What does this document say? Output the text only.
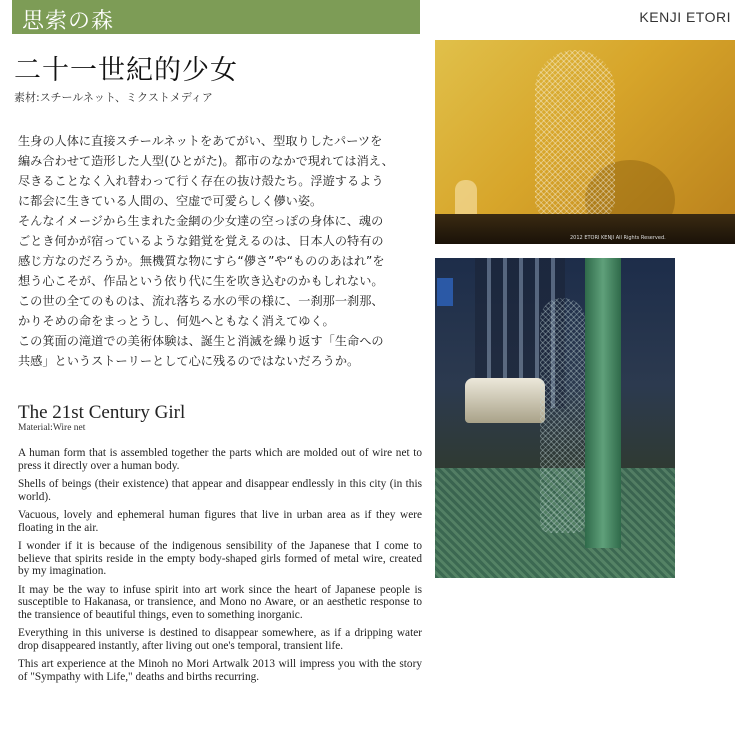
思索の森	KENJI ETORI
二十一世紀的少女
素材:スチールネット、ミクストメディア

生身の人体に直接スチールネットをあてがい、型取りしたパーツを

編み合わせて造形した人型(ひとがた)。都市のなかで現れては消え、

尽きることなく入れ替わって行く存在の抜け殻たち。浮遊するよう

に都会に生きている人間の、空虚で可愛らしく儚い姿。

そんなイメージから生まれた金網の少女達の空っぽの身体に、魂の

ごとき何かが宿っているような錯覚を覚えるのは、日本人の特有の

感じ方なのだろうか。無機質な物にすら“儚さ”や“もののあはれ”を

想う心こそが、作品という依り代に生を吹き込むのかもしれない。

この世の全てのものは、流れ落ちる水の雫の様に、一刹那一刹那、

かりそめの命をまっとうし、何処へともなく消えてゆく。

この箕面の滝道での美術体験は、誕生と消滅を繰り返す「生命への

共感」というストーリーとして心に残るのではないだろうか。

The 21st Century Girl
Material:Wire net

A human form that is assembled together the parts which are molded out of wire net to press it directly over a human body.

Shells of beings (their existence) that appear and disappear endlessly in this city (in this world).

Vacuous, lovely and ephemeral human figures that live in urban area as if they were floating in the air.

I wonder if it is because of the indigenous sensibility of the Japanese that I come to believe that spirits reside in the empty body-shaped girls formed of metal wire, created by my imagination.

It may be the way to infuse spirit into art work since the heart of Japanese people is susceptible to Hakanasa, or transience, and Mono no Aware, or an aesthetic response to the transience of beautiful things, even to something inorganic.

Everything in this universe is destined to disappear somewhere, as if a dripping water drop disappeared instantly, after living out one's temporal, transient life.

This art experience at the Minoh no Mori Artwalk 2013 will impress you with the story of "Sympathy with Life," deaths and births recurring.

2012 ETORI KENJI All Rights Reserved.
